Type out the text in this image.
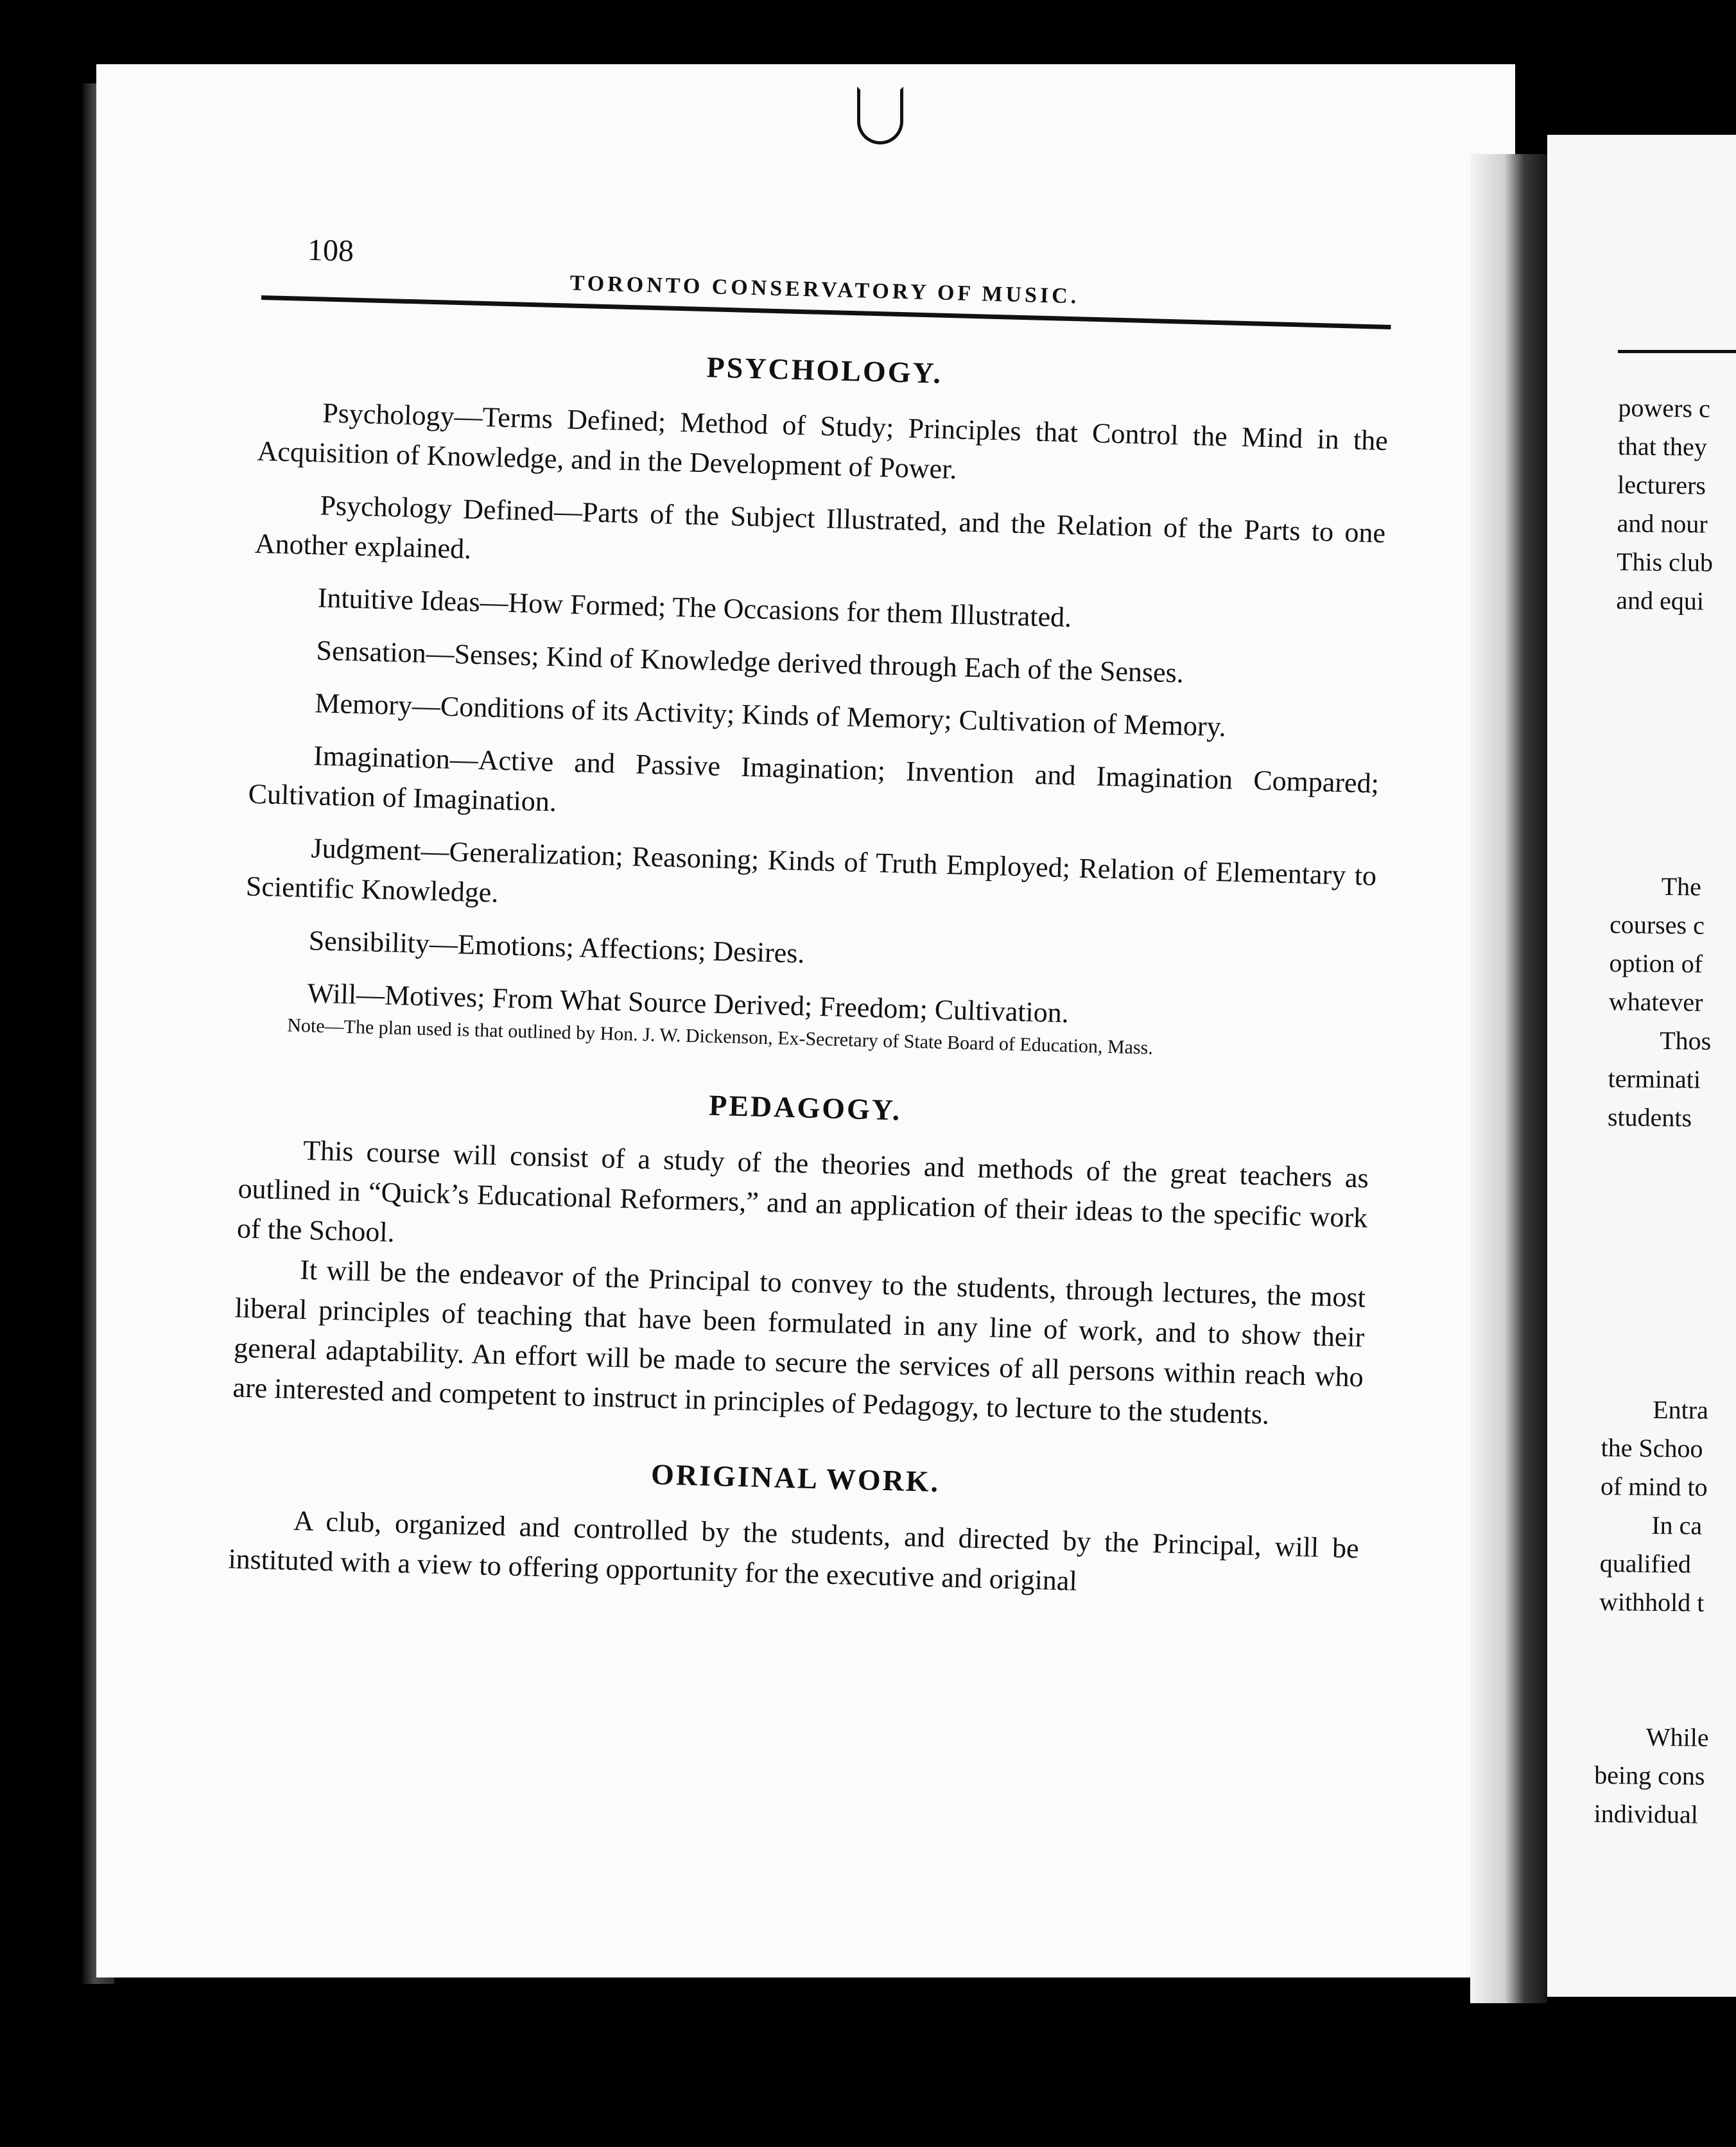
108
TORONTO CONSERVATORY OF MUSIC.
PSYCHOLOGY.

Psychology—Terms Defined; Method of Study; Principles that Control the Mind in the Acquisition of Knowledge, and in the Development of Power.

Psychology Defined—Parts of the Subject Illustrated, and the Relation of the Parts to one Another explained.

Intuitive Ideas—How Formed; The Occasions for them Illustrated.

Sensation—Senses; Kind of Knowledge derived through Each of the Senses.

Memory—Conditions of its Activity; Kinds of Memory; Cultivation of Memory.

Imagination—Active and Passive Imagination; Invention and Imagination Compared; Cultivation of Imagination.

Judgment—Generalization; Reasoning; Kinds of Truth Employed; Relation of Elementary to Scientific Knowledge.

Sensibility—Emotions; Affections; Desires.

Will—Motives; From What Source Derived; Freedom; Cultivation.

Note—The plan used is that outlined by Hon. J. W. Dickenson, Ex-Secretary of State Board of Education, Mass.

PEDAGOGY.

This course will consist of a study of the theories and methods of the great teachers as outlined in “Quick’s Educational Reformers,” and an application of their ideas to the specific work of the School.

It will be the endeavor of the Principal to convey to the students, through lectures, the most liberal principles of teaching that have been formulated in any line of work, and to show their general adaptability. An effort will be made to secure the services of all persons within reach who are interested and competent to instruct in principles of Pedagogy, to lecture to the students.

ORIGINAL WORK.

A club, organized and controlled by the students, and directed by the Principal, will be instituted with a view to offering opportunity for the executive and original

powers c
that they
lecturers
and nour
This club
and equi
The
courses c
option of
whatever
Thos
terminati
students
Entra
the Schoo
of mind to
In ca
qualified
withhold t
While
being cons
individual
